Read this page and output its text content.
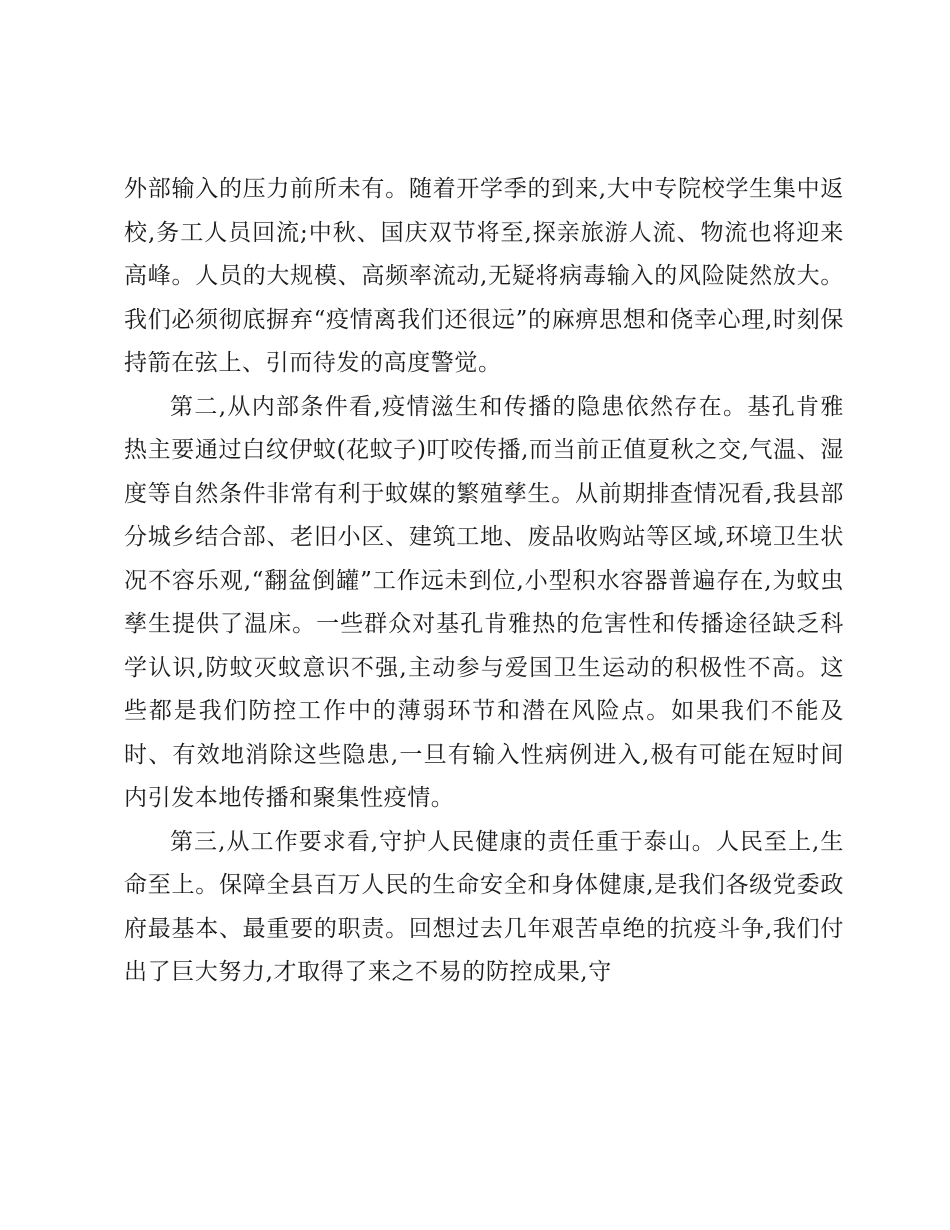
外部输入的压力前所未有。随着开学季的到来,大中专院校学生集中返校,务工人员回流;中秋、国庆双节将至,探亲旅游人流、物流也将迎来高峰。人员的大规模、高频率流动,无疑将病毒输入的风险陡然放大。我们必须彻底摒弃“疫情离我们还很远”的麻痹思想和侥幸心理,时刻保持箭在弦上、引而待发的高度警觉。

第二,从内部条件看,疫情滋生和传播的隐患依然存在。基孔肯雅热主要通过白纹伊蚊(花蚊子)叮咬传播,而当前正值夏秋之交,气温、湿度等自然条件非常有利于蚊媒的繁殖孳生。从前期排查情况看,我县部分城乡结合部、老旧小区、建筑工地、废品收购站等区域,环境卫生状况不容乐观,“翻盆倒罐”工作远未到位,小型积水容器普遍存在,为蚊虫孳生提供了温床。一些群众对基孔肯雅热的危害性和传播途径缺乏科学认识,防蚊灭蚊意识不强,主动参与爱国卫生运动的积极性不高。这些都是我们防控工作中的薄弱环节和潜在风险点。如果我们不能及时、有效地消除这些隐患,一旦有输入性病例进入,极有可能在短时间内引发本地传播和聚集性疫情。

第三,从工作要求看,守护人民健康的责任重于泰山。人民至上,生命至上。保障全县百万人民的生命安全和身体健康,是我们各级党委政府最基本、最重要的职责。回想过去几年艰苦卓绝的抗疫斗争,我们付出了巨大努力,才取得了来之不易的防控成果,守
